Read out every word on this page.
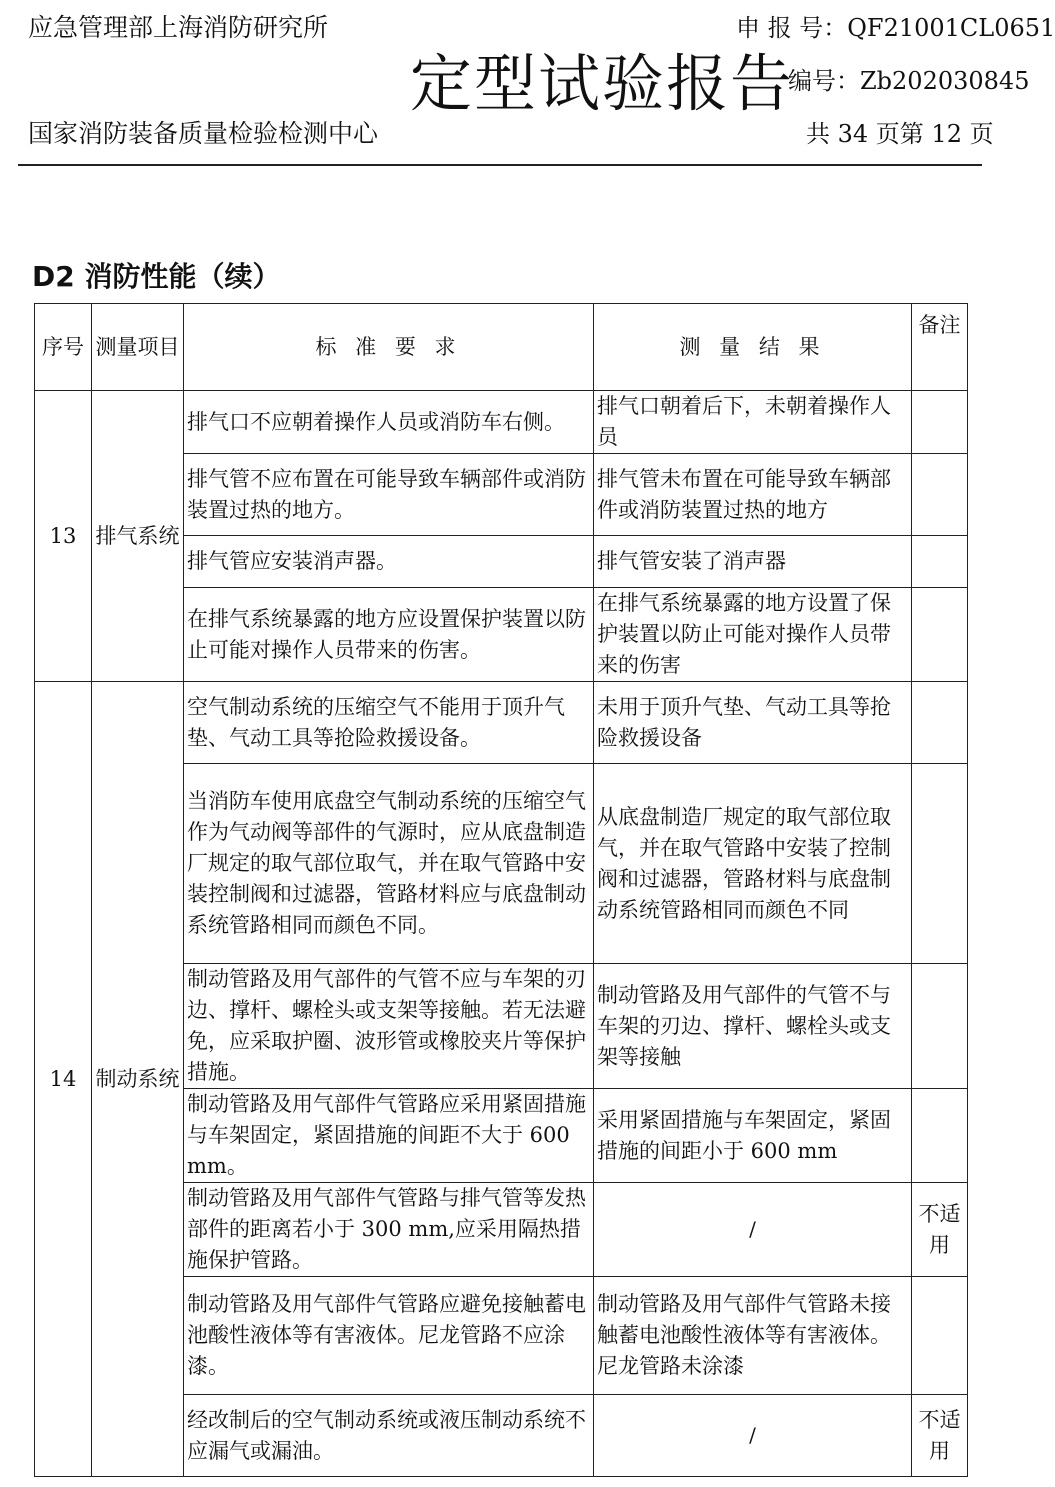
应急管理部上海消防研究所
定型试验报告
申 报 号：QF21001CL0651
编号：Zb202030845
国家消防装备质量检验检测中心	共 34 页第 12 页
D2 消防性能（续）
序号	测量项目	标 准 要 求	测 量 结 果	备注
13	排气系统	排气口不应朝着操作人员或消防车右侧。	排气口朝着后下，未朝着操作人员	
		排气管不应布置在可能导致车辆部件或消防装置过热的地方。	排气管未布置在可能导致车辆部件或消防装置过热的地方	
		排气管应安装消声器。	排气管安装了消声器	
		在排气系统暴露的地方应设置保护装置以防止可能对操作人员带来的伤害。	在排气系统暴露的地方设置了保护装置以防止可能对操作人员带来的伤害	
14	制动系统	空气制动系统的压缩空气不能用于顶升气垫、气动工具等抢险救援设备。	未用于顶升气垫、气动工具等抢险救援设备	
		当消防车使用底盘空气制动系统的压缩空气作为气动阀等部件的气源时，应从底盘制造厂规定的取气部位取气，并在取气管路中安装控制阀和过滤器，管路材料应与底盘制动系统管路相同而颜色不同。	从底盘制造厂规定的取气部位取气，并在取气管路中安装了控制阀和过滤器，管路材料与底盘制动系统管路相同而颜色不同	
		制动管路及用气部件的气管不应与车架的刃边、撑杆、螺栓头或支架等接触。若无法避免，应采取护圈、波形管或橡胶夹片等保护措施。	制动管路及用气部件的气管不与车架的刃边、撑杆、螺栓头或支架等接触	
		制动管路及用气部件气管路应采用紧固措施与车架固定，紧固措施的间距不大于 600 mm。	采用紧固措施与车架固定，紧固措施的间距小于 600 mm	
		制动管路及用气部件气管路与排气管等发热部件的距离若小于 300 mm,应采用隔热措施保护管路。	/	不适用
		制动管路及用气部件气管路应避免接触蓄电池酸性液体等有害液体。尼龙管路不应涂漆。	制动管路及用气部件气管路未接触蓄电池酸性液体等有害液体。尼龙管路未涂漆	
		经改制后的空气制动系统或液压制动系统不应漏气或漏油。	/	不适用
